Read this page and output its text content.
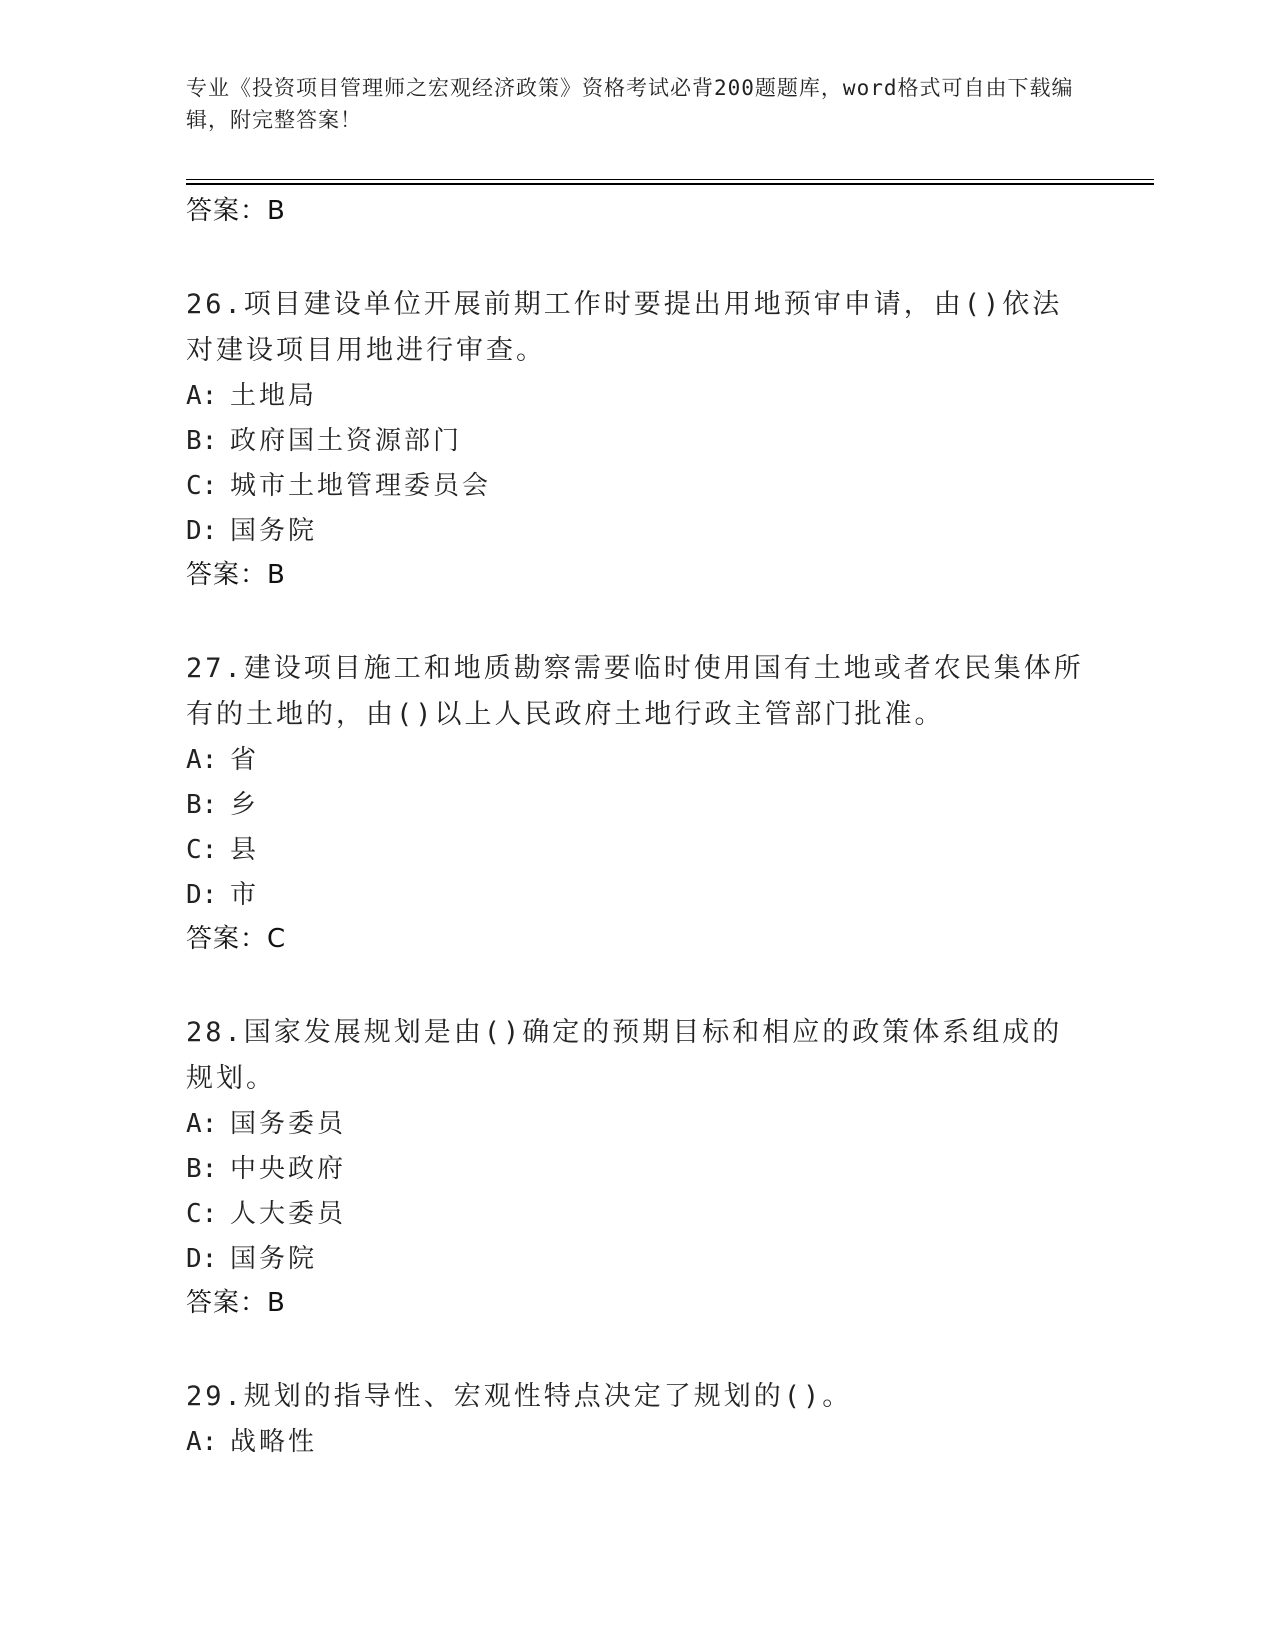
专业《投资项目管理师之宏观经济政策》资格考试必背200题题库，word格式可自由下载编辑，附完整答案！
答案：B
26.项目建设单位开展前期工作时要提出用地预审申请，由()依法对建设项目用地进行审查。
A: 土地局
B: 政府国土资源部门
C: 城市土地管理委员会
D: 国务院
答案：B
27.建设项目施工和地质勘察需要临时使用国有土地或者农民集体所有的土地的，由()以上人民政府土地行政主管部门批准。
A: 省
B: 乡
C: 县
D: 市
答案：C
28.国家发展规划是由()确定的预期目标和相应的政策体系组成的规划。
A: 国务委员
B: 中央政府
C: 人大委员
D: 国务院
答案：B
29.规划的指导性、宏观性特点决定了规划的()。
A: 战略性
